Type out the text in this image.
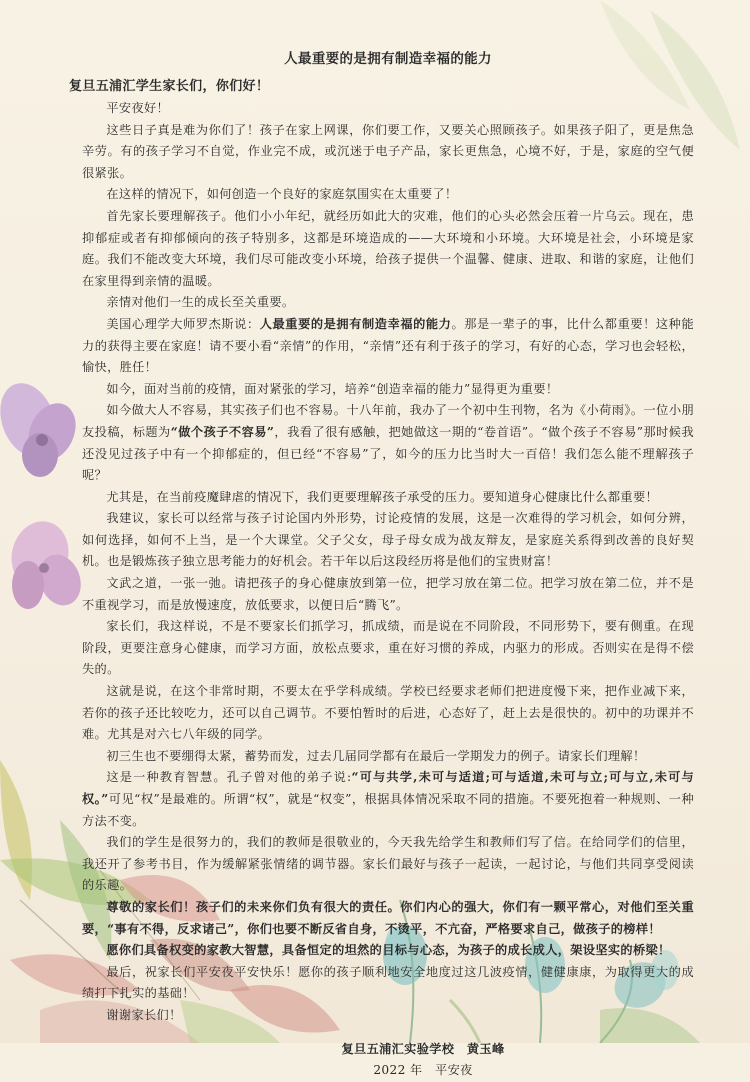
人最重要的是拥有制造幸福的能力
复旦五浦汇学生家长们，你们好！

平安夜好！

这些日子真是难为你们了！孩子在家上网课，你们要工作，又要关心照顾孩子。如果孩子阳了，更是焦急辛劳。有的孩子学习不自觉，作业完不成，或沉迷于电子产品，家长更焦急，心境不好，于是，家庭的空气便很紧张。

在这样的情况下，如何创造一个良好的家庭氛围实在太重要了！

首先家长要理解孩子。他们小小年纪，就经历如此大的灾难，他们的心头必然会压着一片乌云。现在，患抑郁症或者有抑郁倾向的孩子特别多，这都是环境造成的——大环境和小环境。大环境是社会，小环境是家庭。我们不能改变大环境，我们尽可能改变小环境，给孩子提供一个温馨、健康、进取、和谐的家庭，让他们在家里得到亲情的温暖。

亲情对他们一生的成长至关重要。

美国心理学大师罗杰斯说：人最重要的是拥有制造幸福的能力。那是一辈子的事，比什么都重要！这种能力的获得主要在家庭！请不要小看“亲情”的作用，“亲情”还有利于孩子的学习，有好的心态，学习也会轻松，愉快，胜任！

如今，面对当前的疫情，面对紧张的学习，培养“创造幸福的能力”显得更为重要！

如今做大人不容易，其实孩子们也不容易。十八年前，我办了一个初中生刊物，名为《小荷雨》。一位小朋友投稿，标题为“做个孩子不容易”，我看了很有感触，把她做这一期的“卷首语”。“做个孩子不容易”那时候我还没见过孩子中有一个抑郁症的，但已经“不容易”了，如今的压力比当时大一百倍！我们怎么能不理解孩子呢？

尤其是，在当前疫魔肆虐的情况下，我们更要理解孩子承受的压力。要知道身心健康比什么都重要！

我建议，家长可以经常与孩子讨论国内外形势，讨论疫情的发展，这是一次难得的学习机会，如何分辨，如何选择，如何不上当，是一个大课堂。父子父女，母子母女成为战友辩友，是家庭关系得到改善的良好契机。也是锻炼孩子独立思考能力的好机会。若干年以后这段经历将是他们的宝贵财富！

文武之道，一张一弛。请把孩子的身心健康放到第一位，把学习放在第二位。把学习放在第二位，并不是不重视学习，而是放慢速度，放低要求，以便日后“腾飞”。

家长们，我这样说，不是不要家长们抓学习，抓成绩，而是说在不同阶段，不同形势下，要有侧重。在现阶段，更要注意身心健康，而学习方面，放松点要求，重在好习惯的养成，内驱力的形成。否则实在是得不偿失的。

这就是说，在这个非常时期，不要太在乎学科成绩。学校已经要求老师们把进度慢下来，把作业减下来，若你的孩子还比较吃力，还可以自己调节。不要怕暂时的后进，心态好了，赶上去是很快的。初中的功课并不难。尤其是对六七八年级的同学。

初三生也不要绷得太紧，蓄势而发，过去几届同学都有在最后一学期发力的例子。请家长们理解！

这是一种教育智慧。孔子曾对他的弟子说:“可与共学,未可与适道;可与适道,未可与立;可与立,未可与权。”可见“权”是最难的。所谓“权”，就是“权变”，根据具体情况采取不同的措施。不要死抱着一种规则、一种方法不变。

我们的学生是很努力的，我们的教师是很敬业的，今天我先给学生和教师们写了信。在给同学们的信里，我还开了参考书目，作为缓解紧张情绪的调节器。家长们最好与孩子一起读，一起讨论，与他们共同享受阅读的乐趣。

尊敬的家长们！孩子们的未来你们负有很大的责任。你们内心的强大，你们有一颗平常心，对他们至关重要，“事有不得，反求诸己”，你们也要不断反省自身，不烫平，不亢奋，严格要求自己，做孩子的榜样！

愿你们具备权变的家教大智慧，具备恒定的坦然的目标与心态，为孩子的成长成人，架设坚实的桥梁！

最后，祝家长们平安夜平安快乐！愿你的孩子顺利地安全地度过这几波疫情，健健康康，为取得更大的成绩打下扎实的基础！

谢谢家长们！

复旦五浦汇实验学校　黄玉峰
2022 年　平安夜
